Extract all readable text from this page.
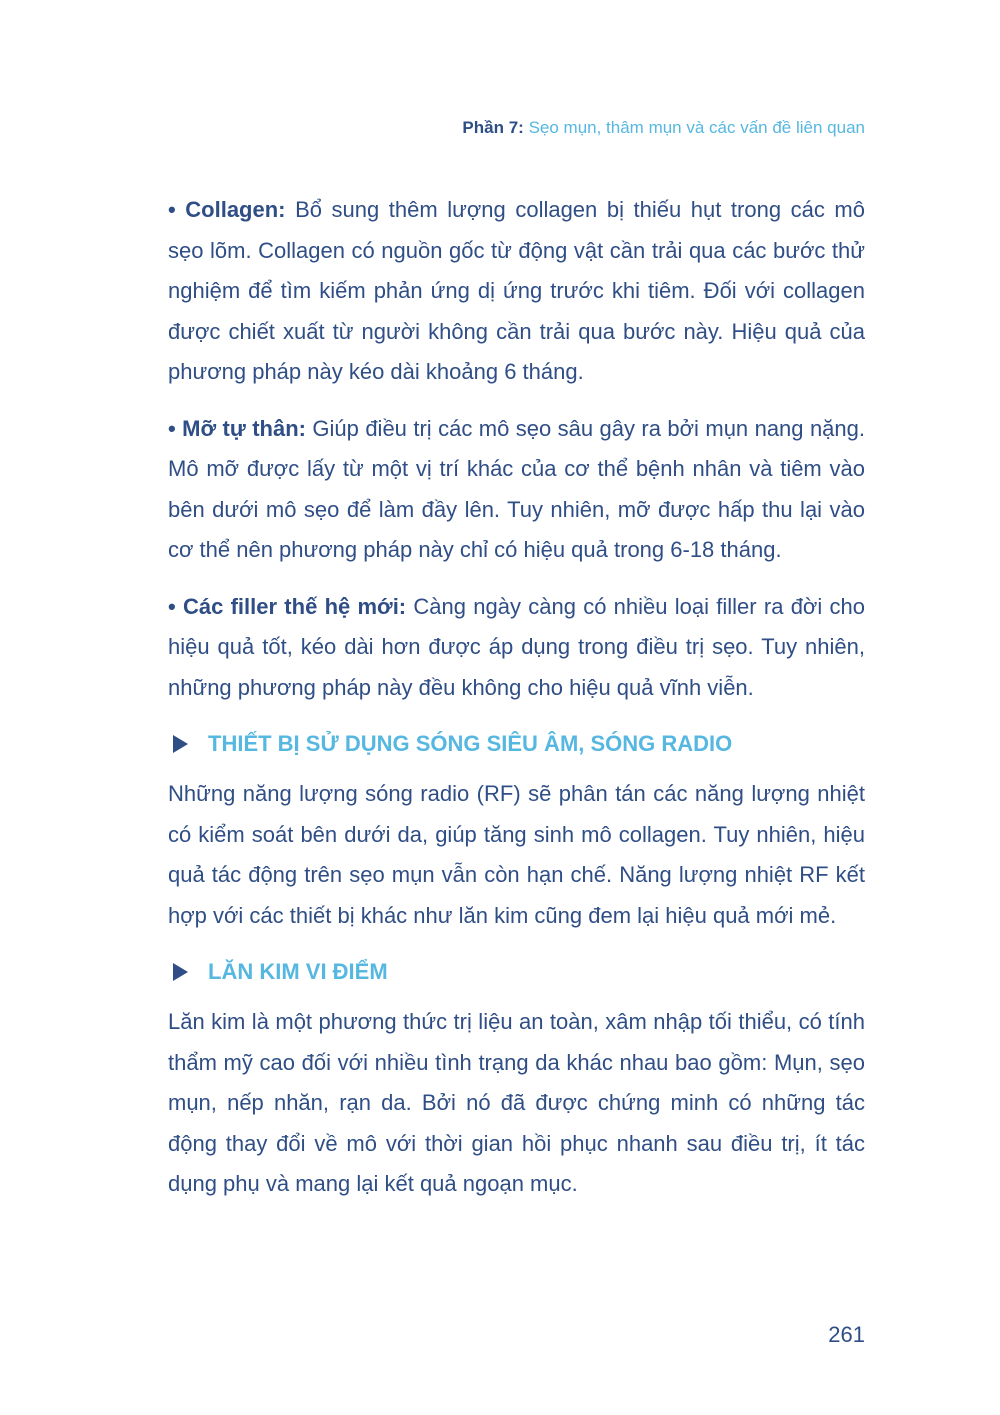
Phần 7: Sẹo mụn, thâm mụn và các vấn đề liên quan

• Collagen: Bổ sung thêm lượng collagen bị thiếu hụt trong các mô sẹo lõm. Collagen có nguồn gốc từ động vật cần trải qua các bước thử nghiệm để tìm kiếm phản ứng dị ứng trước khi tiêm. Đối với collagen được chiết xuất từ người không cần trải qua bước này. Hiệu quả của phương pháp này kéo dài khoảng 6 tháng.

• Mỡ tự thân: Giúp điều trị các mô sẹo sâu gây ra bởi mụn nang nặng. Mô mỡ được lấy từ một vị trí khác của cơ thể bệnh nhân và tiêm vào bên dưới mô sẹo để làm đầy lên. Tuy nhiên, mỡ được hấp thu lại vào cơ thể nên phương pháp này chỉ có hiệu quả trong 6-18 tháng.

• Các filler thế hệ mới: Càng ngày càng có nhiều loại filler ra đời cho hiệu quả tốt, kéo dài hơn được áp dụng trong điều trị sẹo. Tuy nhiên, những phương pháp này đều không cho hiệu quả vĩnh viễn.

THIẾT BỊ SỬ DỤNG SÓNG SIÊU ÂM, SÓNG RADIO

Những năng lượng sóng radio (RF) sẽ phân tán các năng lượng nhiệt có kiểm soát bên dưới da, giúp tăng sinh mô collagen. Tuy nhiên, hiệu quả tác động trên sẹo mụn vẫn còn hạn chế. Năng lượng nhiệt RF kết hợp với các thiết bị khác như lăn kim cũng đem lại hiệu quả mới mẻ.

LĂN KIM VI ĐIỂM

Lăn kim là một phương thức trị liệu an toàn, xâm nhập tối thiểu, có tính thẩm mỹ cao đối với nhiều tình trạng da khác nhau bao gồm: Mụn, sẹo mụn, nếp nhăn, rạn da. Bởi nó đã được chứng minh có những tác động thay đổi về mô với thời gian hồi phục nhanh sau điều trị, ít tác dụng phụ và mang lại kết quả ngoạn mục.

261
